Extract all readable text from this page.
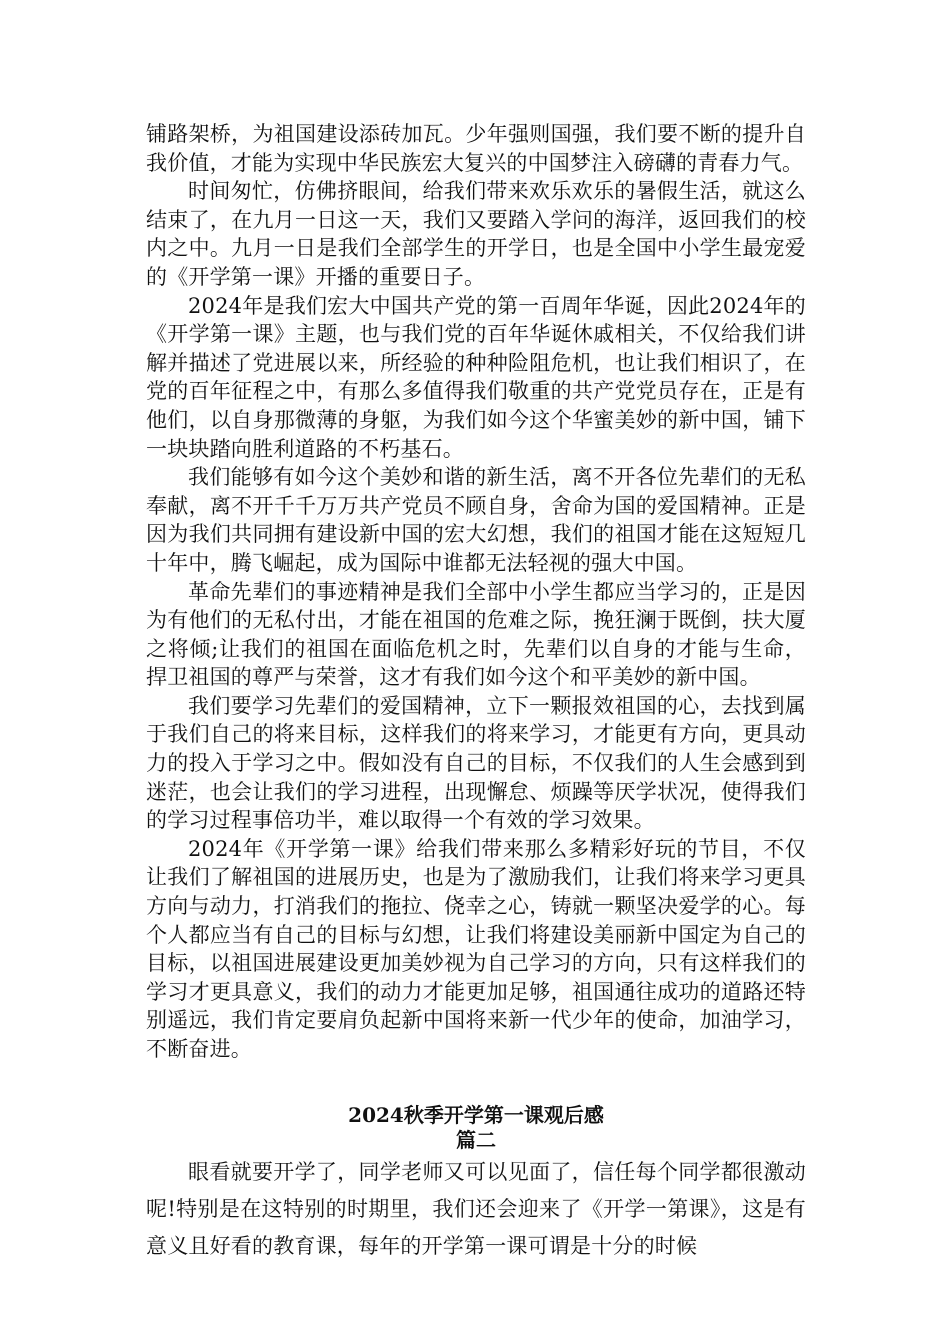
铺路架桥，为祖国建设添砖加瓦。少年强则国强，我们要不断的提升自我价值，才能为实现中华民族宏大复兴的中国梦注入磅礴的青春力气。

时间匆忙，仿佛挤眼间，给我们带来欢乐欢乐的暑假生活，就这么结束了，在九月一日这一天，我们又要踏入学问的海洋，返回我们的校内之中。九月一日是我们全部学生的开学日，也是全国中小学生最宠爱的《开学第一课》开播的重要日子。

2024年是我们宏大中国共产党的第一百周年华诞，因此2024年的《开学第一课》主题，也与我们党的百年华诞休戚相关，不仅给我们讲解并描述了党进展以来，所经验的种种险阻危机，也让我们相识了，在党的百年征程之中，有那么多值得我们敬重的共产党党员存在，正是有他们，以自身那微薄的身躯，为我们如今这个华蜜美妙的新中国，铺下一块块踏向胜利道路的不朽基石。

我们能够有如今这个美妙和谐的新生活，离不开各位先辈们的无私奉献，离不开千千万万共产党员不顾自身，舍命为国的爱国精神。正是因为我们共同拥有建设新中国的宏大幻想，我们的祖国才能在这短短几十年中，腾飞崛起，成为国际中谁都无法轻视的强大中国。

革命先辈们的事迹精神是我们全部中小学生都应当学习的，正是因为有他们的无私付出，才能在祖国的危难之际，挽狂澜于既倒，扶大厦之将倾;让我们的祖国在面临危机之时，先辈们以自身的才能与生命，捍卫祖国的尊严与荣誉，这才有我们如今这个和平美妙的新中国。

我们要学习先辈们的爱国精神，立下一颗报效祖国的心，去找到属于我们自己的将来目标，这样我们的将来学习，才能更有方向，更具动力的投入于学习之中。假如没有自己的目标，不仅我们的人生会感到到迷茫，也会让我们的学习进程，出现懈怠、烦躁等厌学状况，使得我们的学习过程事倍功半，难以取得一个有效的学习效果。

2024年《开学第一课》给我们带来那么多精彩好玩的节目，不仅让我们了解祖国的进展历史，也是为了激励我们，让我们将来学习更具方向与动力，打消我们的拖拉、侥幸之心，铸就一颗坚决爱学的心。每个人都应当有自己的目标与幻想，让我们将建设美丽新中国定为自己的目标，以祖国进展建设更加美妙视为自己学习的方向，只有这样我们的学习才更具意义，我们的动力才能更加足够，祖国通往成功的道路还特别遥远，我们肯定要肩负起新中国将来新一代少年的使命，加油学习，不断奋进。

2024秋季开学第一课观后感

篇二

眼看就要开学了，同学老师又可以见面了，信任每个同学都很激动呢!特别是在这特别的时期里，我们还会迎来了《开学一第课》，这是有意义且好看的教育课，每年的开学第一课可谓是十分的时候
